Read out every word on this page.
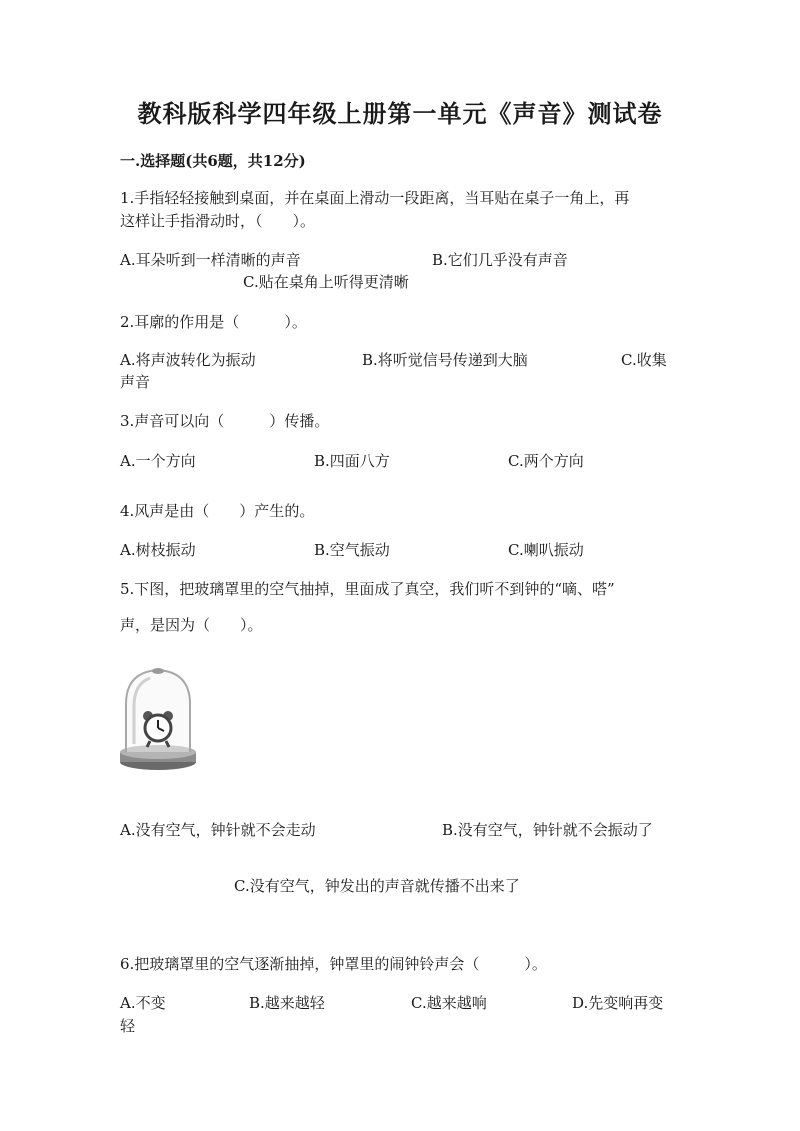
教科版科学四年级上册第一单元《声音》测试卷
一.选择题(共6题，共12分)
1.手指轻轻接触到桌面，并在桌面上滑动一段距离，当耳贴在桌子一角上，再
这样让手指滑动时，（　　）。
A.耳朵听到一样清晰的声音	B.它们几乎没有声音
C.贴在桌角上听得更清晰
2.耳廓的作用是（　　　）。
A.将声波转化为振动	B.将听觉信号传递到大脑	C.收集
声音
3.声音可以向（　　　）传播。
A.一个方向	B.四面八方	C.两个方向
4.风声是由（　　）产生的。
A.树枝振动	B.空气振动	C.喇叭振动
5.下图，把玻璃罩里的空气抽掉，里面成了真空，我们听不到钟的“嘀、嗒”
声，是因为（　　）。
A.没有空气，钟针就不会走动	B.没有空气，钟针就不会振动了
C.没有空气，钟发出的声音就传播不出来了
6.把玻璃罩里的空气逐渐抽掉，钟罩里的闹钟铃声会（　　　）。
A.不变	B.越来越轻	C.越来越响	D.先变响再变
轻
